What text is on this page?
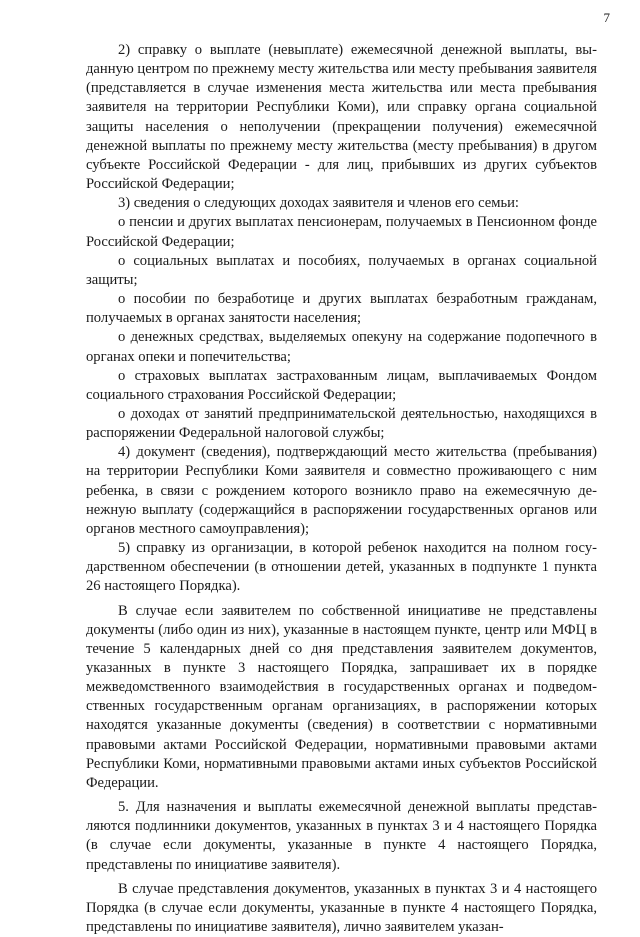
7

2) справку о выплате (невыплате) ежемесячной денежной выплаты, выданную центром по прежнему месту жительства или месту пребывания заявителя (представляется в случае изменения места жительства или места пребывания заявителя на территории Республики Коми), или справку органа социальной защиты населения о неполучении (прекращении получения) ежемесячной денежной выплаты по прежнему месту жительства (месту пребывания) в другом субъекте Российской Федерации - для лиц, прибывших из других субъектов Российской Федерации;

3) сведения о следующих доходах заявителя и членов его семьи:

о пенсии и других выплатах пенсионерам, получаемых в Пенсионном фонде Российской Федерации;

о социальных выплатах и пособиях, получаемых в органах социальной защиты;

о пособии по безработице и других выплатах безработным гражданам, получаемых в органах занятости населения;

о денежных средствах, выделяемых опекуну на содержание подопечного в органах опеки и попечительства;

о страховых выплатах застрахованным лицам, выплачиваемых Фондом социального страхования Российской Федерации;

о доходах от занятий предпринимательской деятельностью, находящихся в распоряжении Федеральной налоговой службы;

4) документ (сведения), подтверждающий место жительства (пребывания) на территории Республики Коми заявителя и совместно проживающего с ним ребенка, в связи с рождением которого возникло право на ежемесячную денежную выплату (содержащийся в распоряжении государственных органов или органов местного самоуправления);

5) справку из организации, в которой ребенок находится на полном государственном обеспечении (в отношении детей, указанных в подпункте 1 пункта 26 настоящего Порядка).

В случае если заявителем по собственной инициативе не представлены документы (либо один из них), указанные в настоящем пункте, центр или МФЦ в течение 5 календарных дней со дня представления заявителем документов, указанных в пункте 3 настоящего Порядка, запрашивает их в порядке межведомственного взаимодействия в государственных органах и подведомственных государственным органам организациях, в распоряжении которых находятся указанные документы (сведения) в соответствии с нормативными правовыми актами Российской Федерации, нормативными правовыми актами Республики Коми, нормативными правовыми актами иных субъектов Российской Федерации.

5. Для назначения и выплаты ежемесячной денежной выплаты представляются подлинники документов, указанных в пунктах 3 и 4 настоящего Порядка (в случае если документы, указанные в пункте 4 настоящего Порядка, представлены по инициативе заявителя).

В случае представления документов, указанных в пунктах 3 и 4 настоящего Порядка (в случае если документы, указанные в пункте 4 настоящего Порядка, представлены по инициативе заявителя), лично заявителем указан-
